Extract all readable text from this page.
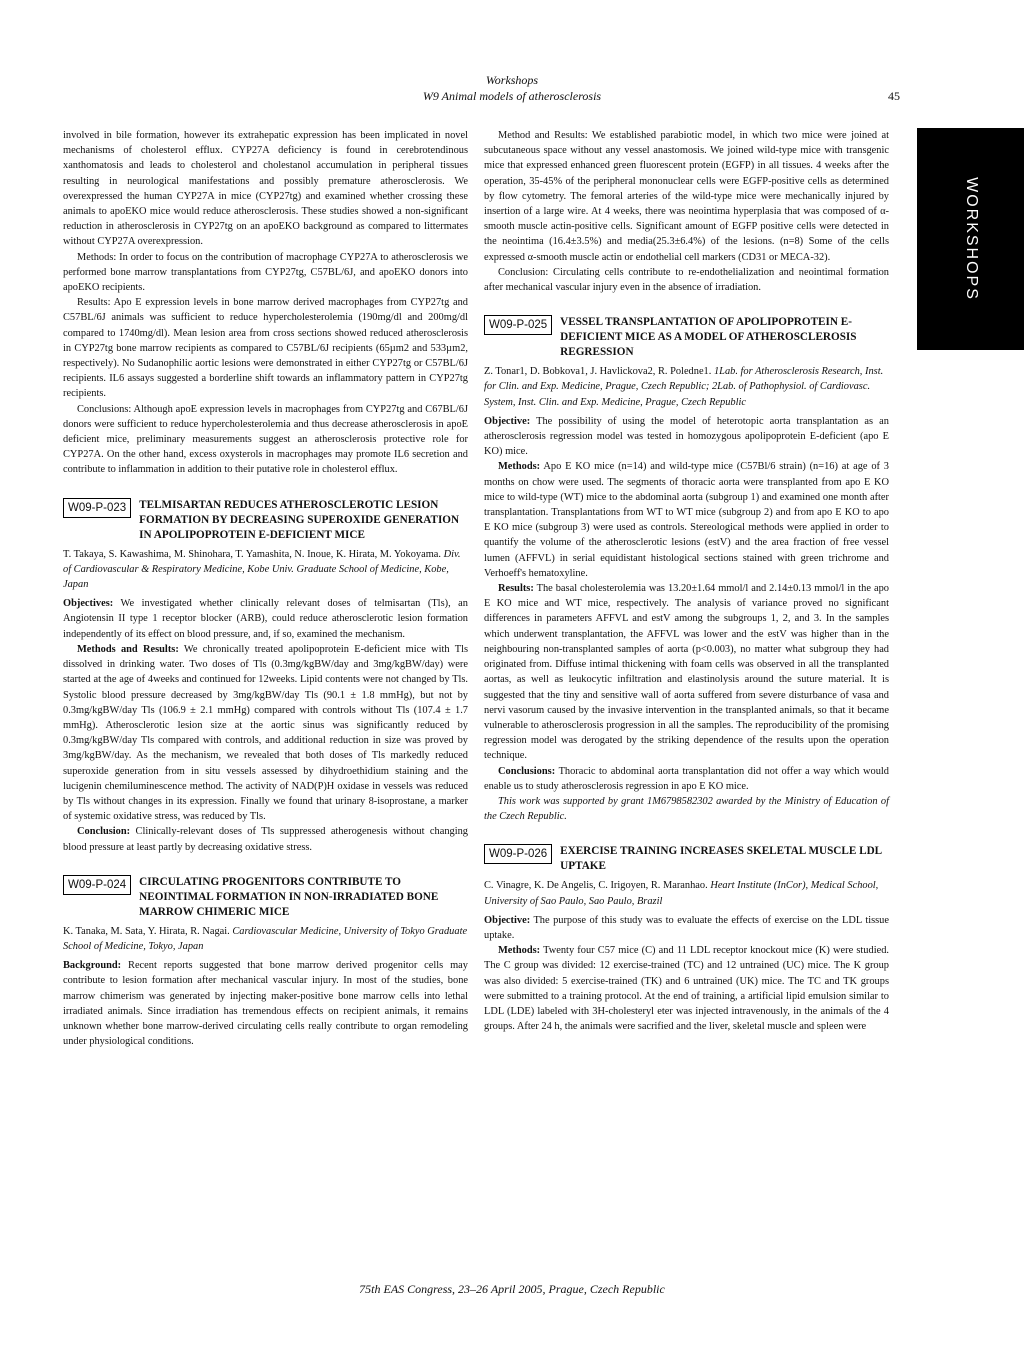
Workshops
W9 Animal models of atherosclerosis	45
WORKSHOPS

involved in bile formation, however its extrahepatic expression has been implicated in novel mechanisms of cholesterol efflux. CYP27A deficiency is found in cerebrotendinous xanthomatosis and leads to cholesterol and cholestanol accumulation in peripheral tissues resulting in neurological manifestations and possibly premature atherosclerosis. We overexpressed the human CYP27A in mice (CYP27tg) and examined whether crossing these animals to apoEKO mice would reduce atherosclerosis. These studies showed a non-significant reduction in atherosclerosis in CYP27tg on an apoEKO background as compared to littermates without CYP27A overexpression.

Methods: In order to focus on the contribution of macrophage CYP27A to atherosclerosis we performed bone marrow transplantations from CYP27tg, C57BL/6J, and apoEKO donors into apoEKO recipients.

Results: Apo E expression levels in bone marrow derived macrophages from CYP27tg and C57BL/6J animals was sufficient to reduce hypercholesterolemia (190mg/dl and 200mg/dl compared to 1740mg/dl). Mean lesion area from cross sections showed reduced atherosclerosis in CYP27tg bone marrow recipients as compared to C57BL/6J recipients (65µm2 and 533µm2, respectively). No Sudanophilic aortic lesions were demonstrated in either CYP27tg or C57BL/6J recipients. IL6 assays suggested a borderline shift towards an inflammatory pattern in CYP27tg recipients.

Conclusions: Although apoE expression levels in macrophages from CYP27tg and C67BL/6J donors were sufficient to reduce hypercholesterolemia and thus decrease atherosclerosis in apoE deficient mice, preliminary measurements suggest an atherosclerosis protective role for CYP27A. On the other hand, excess oxysterols in macrophages may promote IL6 secretion and contribute to inflammation in addition to their putative role in cholesterol efflux.

W09-P-023	TELMISARTAN REDUCES ATHEROSCLEROTIC LESION FORMATION BY DECREASING SUPEROXIDE GENERATION IN APOLIPOPROTEIN E-DEFICIENT MICE
T. Takaya, S. Kawashima, M. Shinohara, T. Yamashita, N. Inoue, K. Hirata, M. Yokoyama. Div. of Cardiovascular & Respiratory Medicine, Kobe Univ. Graduate School of Medicine, Kobe, Japan

Objectives: We investigated whether clinically relevant doses of telmisartan (Tls), an Angiotensin II type 1 receptor blocker (ARB), could reduce atherosclerotic lesion formation independently of its effect on blood pressure, and, if so, examined the mechanism.

Methods and Results: We chronically treated apolipoprotein E-deficient mice with Tls dissolved in drinking water. Two doses of Tls (0.3mg/kgBW/day and 3mg/kgBW/day) were started at the age of 4weeks and continued for 12weeks. Lipid contents were not changed by Tls. Systolic blood pressure decreased by 3mg/kgBW/day Tls (90.1 ± 1.8 mmHg), but not by 0.3mg/kgBW/day Tls (106.9 ± 2.1 mmHg) compared with controls without Tls (107.4 ± 1.7 mmHg). Atherosclerotic lesion size at the aortic sinus was significantly reduced by 0.3mg/kgBW/day Tls compared with controls, and additional reduction in size was proved by 3mg/kgBW/day. As the mechanism, we revealed that both doses of Tls markedly reduced superoxide generation from in situ vessels assessed by dihydroethidium staining and the lucigenin chemiluminescence method. The activity of NAD(P)H oxidase in vessels was reduced by Tls without changes in its expression. Finally we found that urinary 8-isoprostane, a marker of systemic oxidative stress, was reduced by Tls.

Conclusion: Clinically-relevant doses of Tls suppressed atherogenesis without changing blood pressure at least partly by decreasing oxidative stress.

W09-P-024	CIRCULATING PROGENITORS CONTRIBUTE TO NEOINTIMAL FORMATION IN NON-IRRADIATED BONE MARROW CHIMERIC MICE
K. Tanaka, M. Sata, Y. Hirata, R. Nagai. Cardiovascular Medicine, University of Tokyo Graduate School of Medicine, Tokyo, Japan

Background: Recent reports suggested that bone marrow derived progenitor cells may contribute to lesion formation after mechanical vascular injury. In most of the studies, bone marrow chimerism was generated by injecting maker-positive bone marrow cells into lethal irradiated animals. Since irradiation has tremendous effects on recipient animals, it remains unknown whether bone marrow-derived circulating cells really contribute to organ remodeling under physiological conditions.

Method and Results: We established parabiotic model, in which two mice were joined at subcutaneous space without any vessel anastomosis. We joined wild-type mice with transgenic mice that expressed enhanced green fluorescent protein (EGFP) in all tissues. 4 weeks after the operation, 35-45% of the peripheral mononuclear cells were EGFP-positive cells as determined by flow cytometry. The femoral arteries of the wild-type mice were mechanically injured by insertion of a large wire. At 4 weeks, there was neointima hyperplasia that was composed of α-smooth muscle actin-positive cells. Significant amount of EGFP positive cells were detected in the neointima (16.4±3.5%) and media(25.3±6.4%) of the lesions. (n=8) Some of the cells expressed α-smooth muscle actin or endothelial cell markers (CD31 or MECA-32).

Conclusion: Circulating cells contribute to re-endothelialization and neointimal formation after mechanical vascular injury even in the absence of irradiation.

W09-P-025	VESSEL TRANSPLANTATION OF APOLIPOPROTEIN E-DEFICIENT MICE AS A MODEL OF ATHEROSCLEROSIS REGRESSION
Z. Tonar1, D. Bobkova1, J. Havlickova2, R. Poledne1. 1Lab. for Atherosclerosis Research, Inst. for Clin. and Exp. Medicine, Prague, Czech Republic; 2Lab. of Pathophysiol. of Cardiovasc. System, Inst. Clin. and Exp. Medicine, Prague, Czech Republic

Objective: The possibility of using the model of heterotopic aorta transplantation as an atherosclerosis regression model was tested in homozygous apolipoprotein E-deficient (apo E KO) mice.

Methods: Apo E KO mice (n=14) and wild-type mice (C57Bl/6 strain) (n=16) at age of 3 months on chow were used. The segments of thoracic aorta were transplanted from apo E KO mice to wild-type (WT) mice to the abdominal aorta (subgroup 1) and examined one month after transplantation. Transplantations from WT to WT mice (subgroup 2) and from apo E KO to apo E KO mice (subgroup 3) were used as controls. Stereological methods were applied in order to quantify the volume of the atherosclerotic lesions (estV) and the area fraction of free vessel lumen (AFFVL) in serial equidistant histological sections stained with green trichrome and Verhoeff's hematoxyline.

Results: The basal cholesterolemia was 13.20±1.64 mmol/l and 2.14±0.13 mmol/l in the apo E KO mice and WT mice, respectively. The analysis of variance proved no significant differences in parameters AFFVL and estV among the subgroups 1, 2, and 3. In the samples which underwent transplantation, the AFFVL was lower and the estV was higher than in the neighbouring non-transplanted samples of aorta (p<0.003), no matter what subgroup they had originated from. Diffuse intimal thickening with foam cells was observed in all the transplanted aortas, as well as leukocytic infiltration and elastinolysis around the suture material. It is suggested that the tiny and sensitive wall of aorta suffered from severe disturbance of vasa and nervi vasorum caused by the invasive intervention in the transplanted animals, so that it became vulnerable to atherosclerosis progression in all the samples. The reproducibility of the promising regression model was derogated by the striking dependence of the results upon the operation technique.

Conclusions: Thoracic to abdominal aorta transplantation did not offer a way which would enable us to study atherosclerosis regression in apo E KO mice.

This work was supported by grant 1M6798582302 awarded by the Ministry of Education of the Czech Republic.

W09-P-026	EXERCISE TRAINING INCREASES SKELETAL MUSCLE LDL UPTAKE
C. Vinagre, K. De Angelis, C. Irigoyen, R. Maranhao. Heart Institute (InCor), Medical School, University of Sao Paulo, Sao Paulo, Brazil

Objective: The purpose of this study was to evaluate the effects of exercise on the LDL tissue uptake.

Methods: Twenty four C57 mice (C) and 11 LDL receptor knockout mice (K) were studied. The C group was divided: 12 exercise-trained (TC) and 12 untrained (UC) mice. The K group was also divided: 5 exercise-trained (TK) and 6 untrained (UK) mice. The TC and TK groups were submitted to a training protocol. At the end of training, a artificial lipid emulsion similar to LDL (LDE) labeled with 3H-cholesteryl eter was injected intravenously, in the animals of the 4 groups. After 24 h, the animals were sacrified and the liver, skeletal muscle and spleen were

75th EAS Congress, 23–26 April 2005, Prague, Czech Republic
